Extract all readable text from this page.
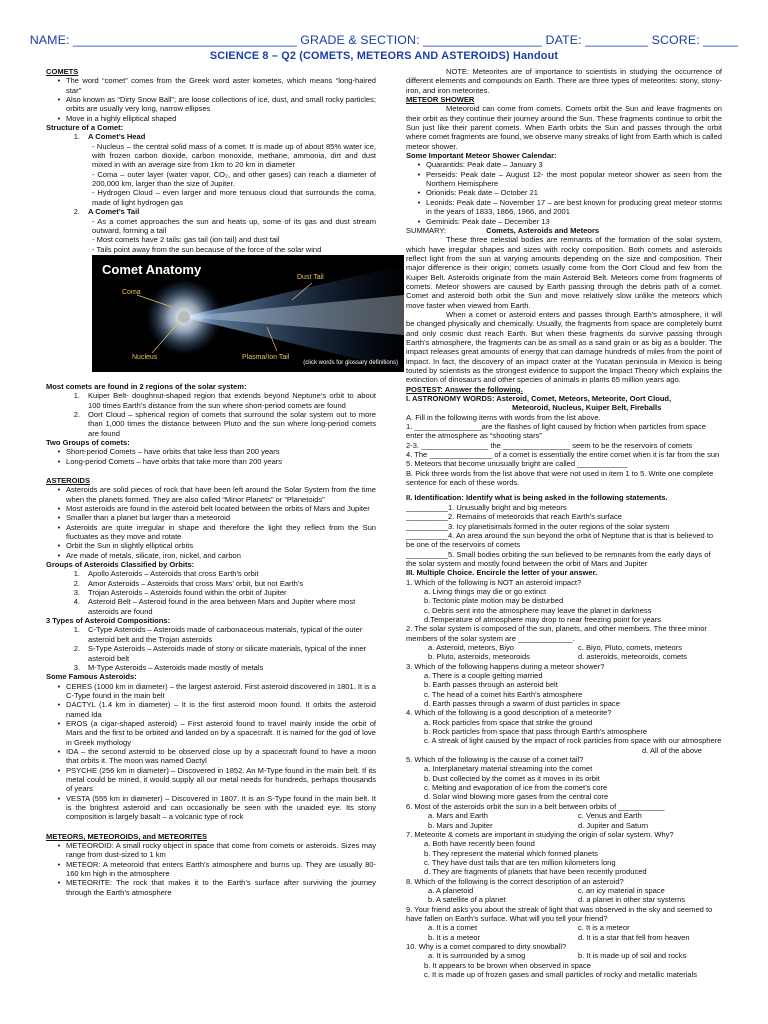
NAME: ________________________________ GRADE & SECTION: _________________ DATE: _________ SCORE: _____
SCIENCE 8 – Q2 (COMETS, METEORS AND ASTEROIDS) Handout

COMETS

• The word “comet” comes from the Greek word aster kometes, which means “long-haired star”
• Also known as “Dirty Snow Ball”; are loose collections of ice, dust, and small rocky particles; orbits are usually very long, narrow ellipses
• Move in a highly elliptical shaped

Structure of a Comet:

1.	A Comet’s Head

- Nucleus – the central solid mass of a comet. It is made up of about 85% water ice, with frozen carbon dioxide, carbon monoxide, methane, ammonia, dirt and dust mixed in with an average size from 1km to 20 km in diameter

- Coma – outer layer (water vapor, CO₂, and other gases) can reach a diameter of 200,000 km, larger than the size of Jupiter.

- Hydrogen Cloud – even larger and more tenuous cloud that surrounds the coma, made of light hydrogen gas

2.	A Comet’s Tail

- As a comet approaches the sun and heats up, some of its gas and dust stream outward, forming a tail

- Most comets have 2 tails: gas tail (ion tail) and dust tail

- Tails point away from the sun because of the force of the solar wind

Comet Anatomy
Coma
Dust Tail
Nucleus	Plasma/Ion Tail
(click words for glossary definitions)

Most comets are found in 2 regions of the solar system:

1.	Kuiper Belt- doughnut-shaped region that extends beyond Neptune’s orbit to about 100 times Earth’s distance from the sun where short-period comets are found
2.	Oort Cloud – spherical region of comets that surround the solar system out to more than 1,000 times the distance between Pluto and the sun where long-period comets are found

Two Groups of comets:

• Short-period Comets – have orbits that take less than 200 years
• Long-period Comets – have orbits that take more than 200 years

ASTEROIDS

• Asteroids are solid pieces of rock that have been left around the Solar System from the time when the planets formed. They are also called “Minor Planets” or “Planetoids”
• Most asteroids are found in the asteroid belt located between the orbits of Mars and Jupiter
• Smaller than a planet but larger than a meteoroid
• Asteroids are quite irregular in shape and therefore the light they reflect from the Sun fluctuates as they move and rotate
• Orbit the Sun in slightly elliptical orbits
• Are made of metals, silicate, iron, nickel, and carbon

Groups of Asteroids Classified by Orbits:

1.	Apollo Asteroids – Asteroids that cross Earth’s orbit
2.	Amor Asteroids – Asteroids that cross Mars’ orbit, but not Earth’s
3.	Trojan Asteroids – Asteroids found within the orbit of Jupiter
4.	Asteroid Belt – Asteroid found in the area between Mars and Jupiter where most asteroids are found

3 Types of Asteroid Compositions:

1.	C-Type Asteroids – Asteroids made of carbonaceous materials, typical of the outer asteroid belt and the Trojan asteroids
2.	S-Type Asteroids – Asteroids made of stony or silicate materials, typical of the inner asteroid belt
3.	M-Type Asteroids – Asteroids made mostly of metals

Some Famous Asteroids:

• CERES (1000 km in diameter) – the largest asteroid. First asteroid discovered in 1801. It is a C-Type found in the main belt
• DACTYL (1.4 km in diameter) – It is the first asteroid moon found. It orbits the asteroid named Ida
• EROS (a cigar-shaped asteroid) – First asteroid found to travel mainly inside the orbit of Mars and the first to be orbited and landed on by a spacecraft. It is named for the god of love in Greek mythology
• IDA – the second asteroid to be observed close up by a spacecraft found to have a moon that orbits it. The moon was named Dactyl
• PSYCHE (256 km in diameter) – Discovered in 1852. An M-Type found in the main belt. If its metal could be mined, it would supply all our metal needs for hundreds, perhaps thousands of years
• VESTA (555 km in diameter) – Discovered in 1807. It is an S-Type found in the main belt. It is the brightest asteroid and can occasionally be seen with the unaided eye. Its stony composition is largely basalt – a volcanic type of rock

METEORS, METEOROIDS, and METEORITES

• METEOROID: A small rocky object in space that come from comets or asteroids. Sizes may range from dust-sized to 1 km
• METEOR: A meteoroid that enters Earth’s atmosphere and burns up. They are usually 80-160 km high in the atmosphere
• METEORITE: The rock that makes it to the Earth’s surface after surviving the journey through the Earth’s atmosphere

NOTE: Meteorites are of importance to scientists in studying the occurrence of different elements and compounds on Earth. There are three types of meteorites: stony, stony-iron, and iron meteorites.

METEOR SHOWER

Meteoroid can come from comets. Comets orbit the Sun and leave fragments on their orbit as they continue their journey around the Sun. These fragments continue to orbit the Sun just like their parent comets. When Earth orbits the Sun and passes through the orbit where comet fragments are found, we observe many streaks of light from Earth which is called meteor shower.

Some Important Meteor Shower Calendar:

• Quarantids: Peak date – January 3
• Perseids: Peak date – August 12- the most popular meteor shower as seen from the Northern Hemisphere
• Orionids: Peak date – October 21
• Leonids: Peak date – November 17 – are best known for producing great meteor storms in the years of 1833, 1866, 1966, and 2001
• Geminids: Peak date – December 13

SUMMARY:	Comets, Asteroids and Meteors

These three celestial bodies are remnants of the formation of the solar system, which have irregular shapes and sizes with rocky composition. Both comets and asteroids reflect light from the sun at varying amounts depending on the size and composition. Their major difference is their origin; comets usually come from the Oort Cloud and few from the Kuiper Belt. Asteroids originate from the main Asteroid Belt. Meteors come from fragments of comets. Meteor showers are caused by Earth passing through the debris path of a comet. Comet and asteroid both orbit the Sun and move relatively slow unlike the meteors which move faster when viewed from Earth.

When a comet or asteroid enters and passes through Earth’s atmosphere, it will be changed physically and chemically. Usually, the fragments from space are completely burnt and only cosmic dust reach Earth. But when these fragments do survive passing through Earth’s atmosphere, the fragments can be as small as a sand grain or as big as a boulder. The impact releases great amounts of energy that can damage hundreds of miles from the point of impact. In fact, the discovery of an impact crater at the Yucatan peninsula in Mexico is being touted by scientists as the strongest evidence to support the Impact Theory which explains the extinction of dinosaurs and other species of animals in plants 65 million years ago.

POSTEST: Answer the following.

I. ASTRONOMY WORDS: Asteroid, Comet, Meteors, Meteorite, Oort Cloud,

Meteoroid, Nucleus, Kuiper Belt, Fireballs

A. Fill in the following items with words from the list above.

1. ________________are the flashes of light caused by friction when particles from space enter the atmosphere as “shooting stars”

2-3. ________________ the ________________ seem to be the reservoirs of comets

4. The _______________ of a comet is essentially the entire comet when it is far from the sun

5. Meteors that become unusually bright are called ____________

B. Pick three words from the list above that were not used in item 1 to 5. Write one complete sentence for each of these words.

II. Identification: Identify what is being asked in the following statements.

__________1. Unusually bright and big meteors

__________2. Remains of meteoroids that reach Earth’s surface

__________3. Icy planetisimals formed in the outer regions of the solar system

__________4. An area around the sun beyond the orbit of Neptune that is that is believed to be one of the reservoirs of comets

__________5. Small bodies orbiting the sun believed to be remnants from the early days of the solar system and mostly found between the orbit of Mars and Jupiter

III. Multiple Choice. Encircle the letter of your answer.

1. Which of the following is NOT an asteroid impact?

a. Living things may die or go extinct

b. Tectonic plate motion may be disturbed

c. Debris sent into the atmosphere may leave the planet in darkness

d.Temperature of atmosphere may drop to near freezing point for years

2. The solar system is composed of the sun, planets, and other members. The three minor members of the solar system are _____________.

a. Asteroid, meteors, Biyo	c. Biyo, Pluto, comets, meteors
b. Pluto, asteroids, meteoroids	d. asteroids, meteoroids, comets

3. Which of the following happens during a meteor shower?

a. There is a couple getting married

b. Earth passes through an asteroid belt

c. The head of a comet hits Earth’s atmosphere

d. Earth passes through a swarm of dust particles in space

4. Which of the following is a good description of a meteorite?

a. Rock particles from space that strike the ground

b. Rock particles from space that pass through Earth’s atmosphere

c. A streak of light caused by the impact of rock particles from space with our atmosphere

d. All of the above

5. Which of the following is the cause of a comet tail?

a. Interplanetary material streaming into the comet

b. Dust collected by the comet as it moves in its orbit

c. Melting and evaporation of ice from the comet’s core

d. Solar wind blowing more gases from the central core

6. Most of the asteroids orbit the sun in a belt between orbits of ___________

a. Mars and Earth	c. Venus and Earth
b. Mars and Jupiter	d. Jupiter and Saturn

7. Meteorite & comets are important in studying the origin of solar system. Why?

a. Both have recently been found

b. They represent the material which formed planets

c. They have dust tails that are ten million kilometers long

d. They are fragments of planets that have been recently produced

8. Which of the following is the correct description of an asteroid?

a. A planetoid	c. an icy material in space
b. A satellite of a planet	d. a planet in other star systems

9. Your friend asks you about the streak of light that was observed in the sky and seemed to have fallen on Earth’s surface. What will you tell your friend?

a. It is a comet	c. It is a meteor
b. It is a meteor	d. It is a star that fell from heaven

10. Why is a comet compared to dirty snowball?

a. It is surrounded by a smog	b. It is made up of soil and rocks

b. It appears to be brown when observed in space

c. It is made up of frozen gases and small particles of rocky and metallic materials
